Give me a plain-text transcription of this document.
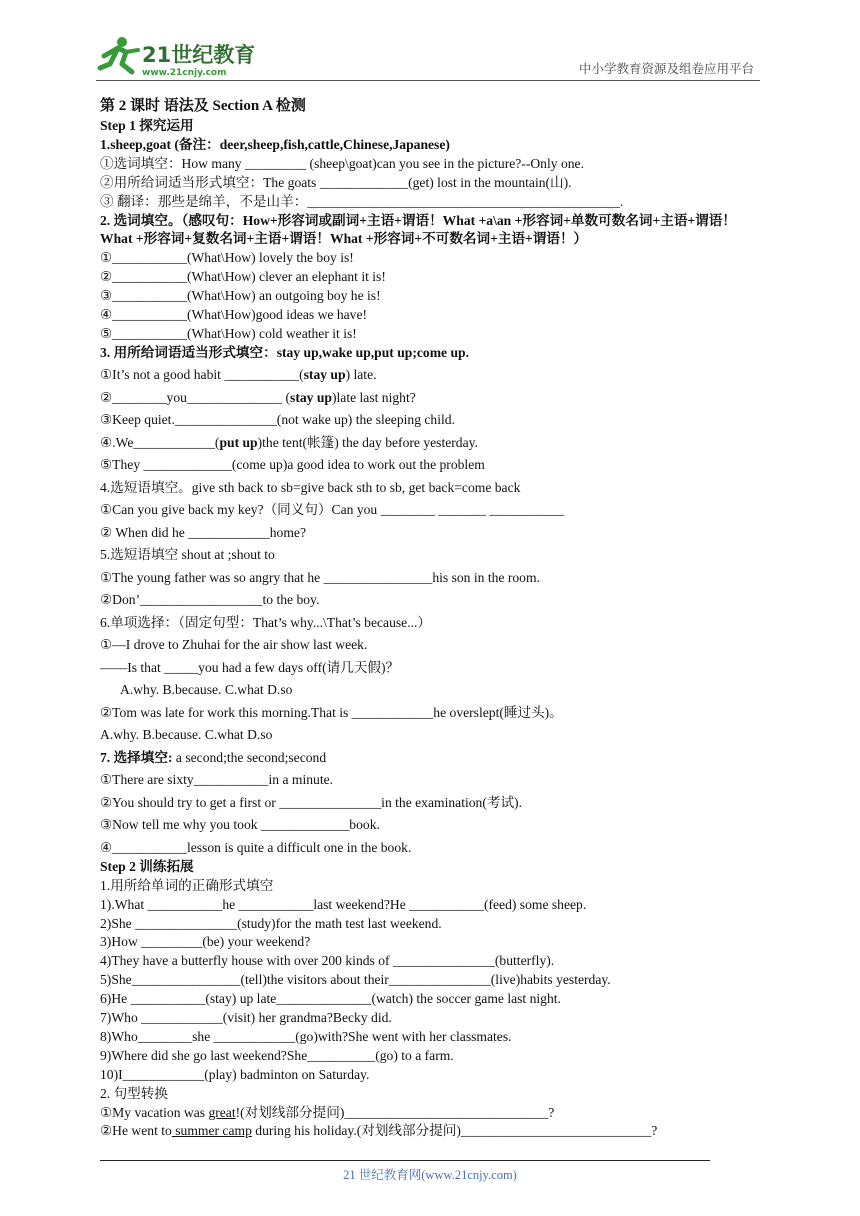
21世纪教育
www.21cnjy.com	中小学教育资源及组卷应用平台
第 2 课时 语法及 Section A 检测
Step 1 探究运用
1.sheep,goat (备注：deer,sheep,fish,cattle,Chinese,Japanese)
①选词填空：How many _________ (sheep\goat)can you see in the picture?--Only one.
②用所给词适当形式填空：The goats _____________(get) lost in the mountain(山).
③ 翻译：那些是绵羊，不是山羊：______________________________________________.
2. 选词填空。（感叹句：How+形容词或副词+主语+谓语！What +a\an +形容词+单数可数名词+主语+谓语！What +形容词+复数名词+主语+谓语！What +形容词+不可数名词+主语+谓语！）
①___________(What\How) lovely the boy is!
②___________(What\How) clever an elephant it is!
③___________(What\How) an outgoing boy he is!
④___________(What\How)good ideas we have!
⑤___________(What\How) cold weather it is!
3. 用所给词语适当形式填空：stay up,wake up,put up;come up.
①It’s not a good habit ___________(stay up) late.
②________you______________ (stay up)late last night?
③Keep quiet._______________(not wake up) the sleeping child.
④.We____________(put up)the tent(帐篷) the day before yesterday.
⑤They _____________(come up)a good idea to work out the problem
4.选短语填空。give sth back to sb=give back sth to sb, get back=come back
①Can you give back my key?（同义句）Can you ________ _______ ___________
② When did he ____________home?
5.选短语填空 shout at ;shout to
①The young father was so angry that he ________________his son in the room.
②Don’__________________to the boy.
6.单项选择：（固定句型：That’s why...\That’s because...）
①—I drove to Zhuhai for the air show last week.
——Is that _____you had a few days off(请几天假)？
A.why. B.because. C.what D.so
②Tom was late for work this morning.That is ____________he overslept(睡过头)。
A.why. B.because. C.what D.so
7. 选择填空: a second;the second;second
①There are sixty___________in a minute.
②You should try to get a first or _______________in the examination(考试).
③Now tell me why you took _____________book.
④___________lesson is quite a difficult one in the book.
Step 2 训练拓展
1.用所给单词的正确形式填空
1).What ___________he ___________last weekend?He ___________(feed) some sheep.
2)She _______________(study)for the math test last weekend.
3)How _________(be) your weekend?
4)They have a butterfly house with over 200 kinds of _______________(butterfly).
5)She________________(tell)the visitors about their_______________(live)habits yesterday.
6)He ___________(stay) up late______________(watch) the soccer game last night.
7)Who ____________(visit) her grandma?Becky did.
8)Who________she ____________(go)with?She went with her classmates.
9)Where did she go last weekend?She__________(go) to a farm.
10)I____________(play) badminton on Saturday.
2. 句型转换
①My vacation was great!(对划线部分提问)______________________________?
②He went to summer camp during his holiday.(对划线部分提问)____________________________?
21 世纪教育网(www.21cnjy.com)
